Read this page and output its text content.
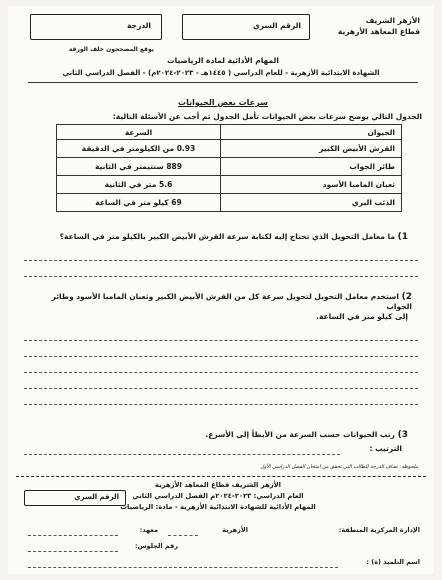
الأزهر الشريف
قطاع المعاهد الأزهرية
الرقم السري
الدرجة
يوقع المصححون خلف الورقة
المهام الأدائية لمادة الرياضيات
الشهادة الابتدائية الأزهرية - للعام الدراسي ( ١٤٤٥هـ - ٢٠٢٣-٢٠٢٤م) - الفصل الدراسي الثاني
سرعات بعض الحيوانات
الجدول التالي يوضح سرعات بعض الحيوانات تأمل الجدول ثم أجب عن الأسئلة التالية:
الحيوان	السرعة
القرش الأبيض الكبير	0.93 من الكيلومتر في الدقيقة
طائر الجواب	889 سنتيمتر في الثانية
ثعبان المامبا الأسود	5.6 متر في الثانية
الذئب البري	69 كيلو متر في الساعة
1) ما معامل التحويل الذي تحتاج إليه لكتابة سرعة القرش الأبيض الكبير بالكيلو متر في الساعة؟
2) استخدم معامل التحويل لتحويل سرعة كل من القرش الأبيض الكبير وثعبان المامبا الأسود وطائر الجواب
إلى كيلو متر في الساعة.
3) رتب الحيوانات حسب السرعة من الأبطأ إلى الأسرع.
الترتيب :
ملحوظة: تضاف الدرجة للطالب التي تحقق من امتحان الفصل الدراسي الأول
الأزهر الشريف قطاع المعاهد الأزهرية
العام الدراسي: ٢٠٢٣-٢٠٢٤م الفصل الدراسي الثاني
المهام الأدائية للشهادة الابتدائية الأزهرية - مادة: الرياضيات
الرقم السري
الإدارة المركزية المنطقة:
الأزهرية
معهد:
رقم الجلوس:
اسم التلميذ (ة) :
